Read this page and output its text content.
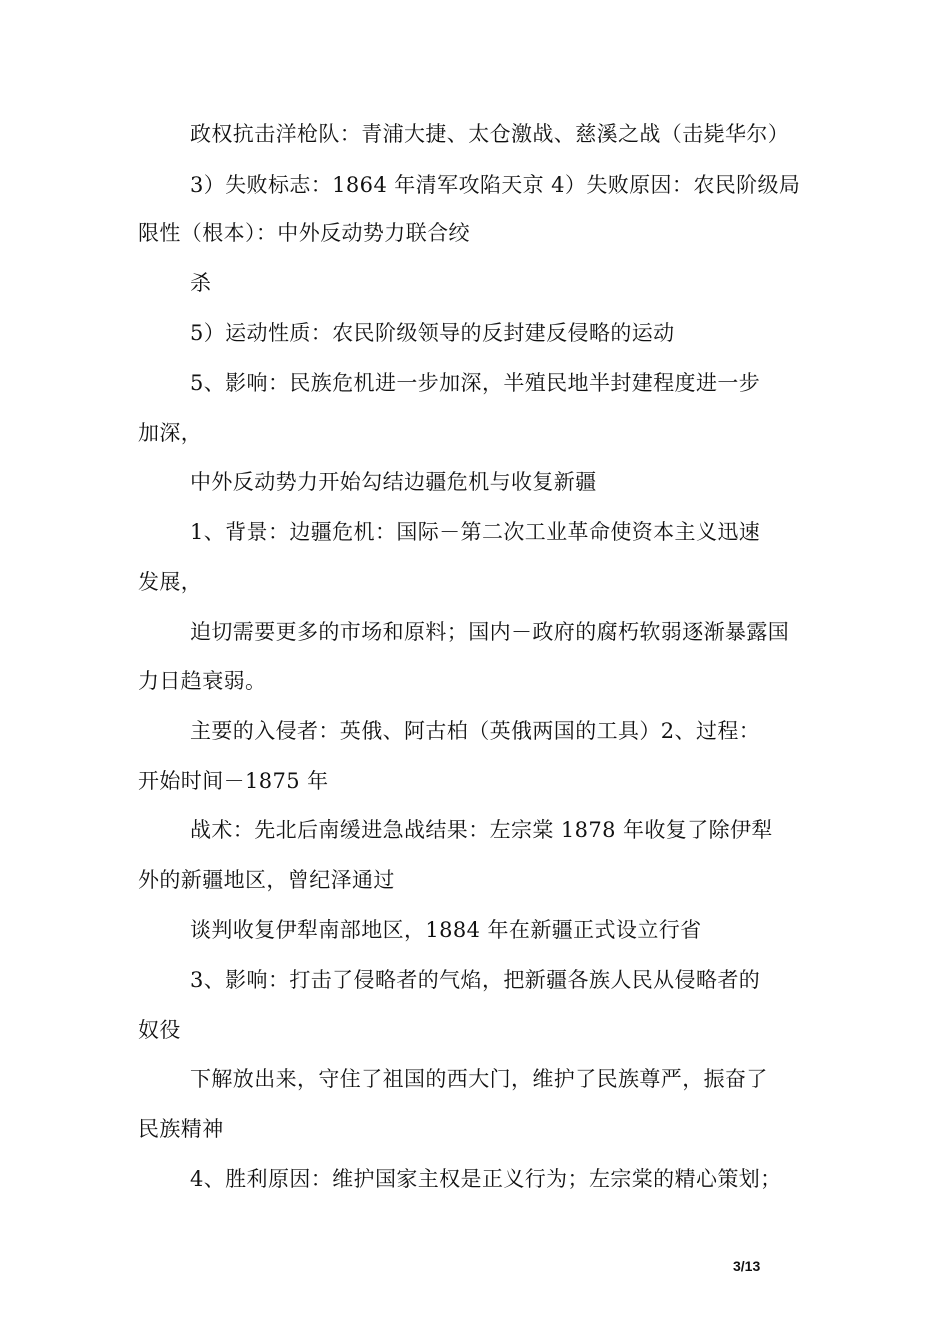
政权抗击洋枪队：青浦大捷、太仓激战、慈溪之战（击毙华尔）
3）失败标志：1864 年清军攻陷天京 4）失败原因：农民阶级局
限性（根本）：中外反动势力联合绞
杀
5）运动性质：农民阶级领导的反封建反侵略的运动
5、影响：民族危机进一步加深，半殖民地半封建程度进一步
加深，
中外反动势力开始勾结边疆危机与收复新疆
1、背景：边疆危机：国际－第二次工业革命使资本主义迅速
发展，
迫切需要更多的市场和原料；国内－政府的腐朽软弱逐渐暴露国
力日趋衰弱。
主要的入侵者：英俄、阿古柏（英俄两国的工具）2、过程：
开始时间－1875 年
战术：先北后南缓进急战结果：左宗棠 1878 年收复了除伊犁
外的新疆地区，曾纪泽通过
谈判收复伊犁南部地区，1884 年在新疆正式设立行省
3、影响：打击了侵略者的气焰，把新疆各族人民从侵略者的
奴役
下解放出来，守住了祖国的西大门，维护了民族尊严，振奋了
民族精神
4、胜利原因：维护国家主权是正义行为；左宗棠的精心策划；
3/13
